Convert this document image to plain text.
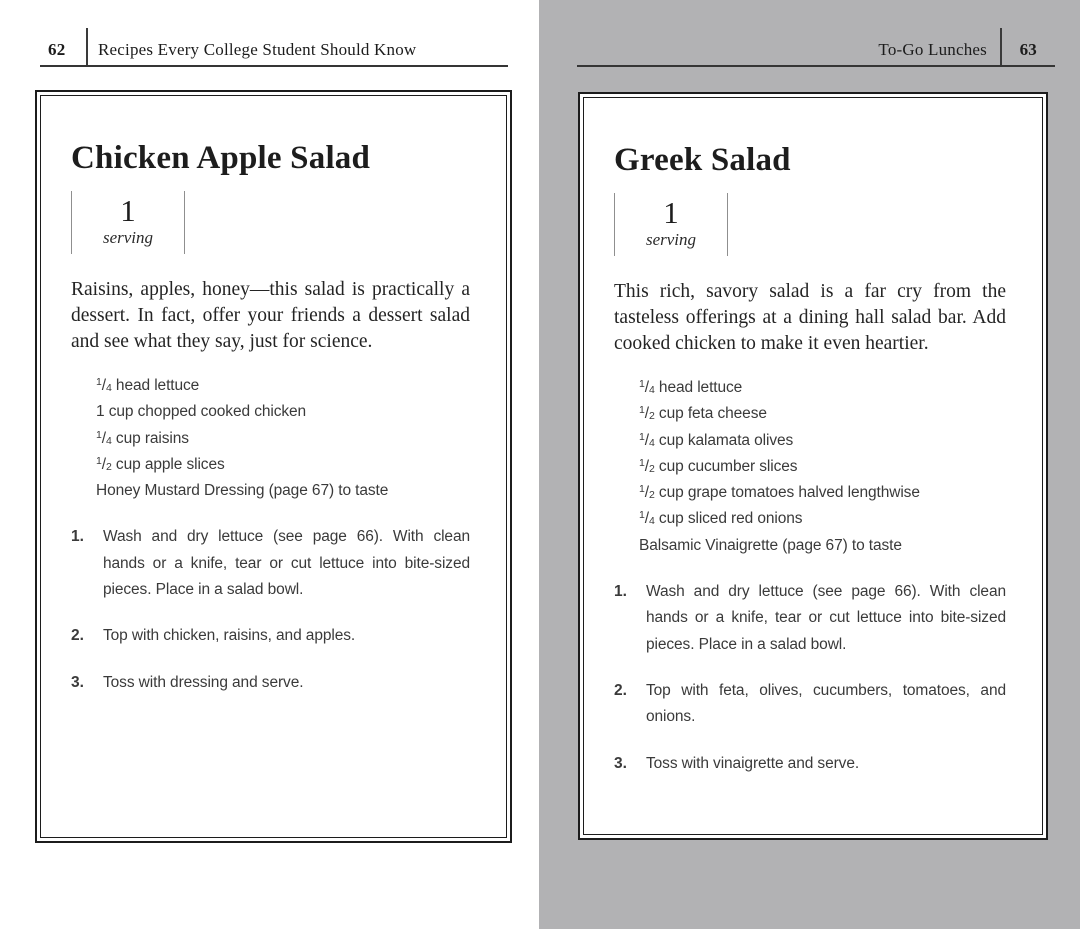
62 Recipes Every College Student Should Know
Chicken Apple Salad
1
serving

Raisins, apples, honey—this salad is practically a dessert. In fact, offer your friends a dessert salad and see what they say, just for science.

$^1/_4$ head lettuce
1 cup chopped cooked chicken
$^1/_4$ cup raisins
$^1/_2$ cup apple slices
Honey Mustard Dressing (page 67) to taste
1.	Wash and dry lettuce (see page 66). With clean hands or a knife, tear or cut lettuce into bite-sized pieces. Place in a salad bowl.
2.	Top with chicken, raisins, and apples.
3.	Toss with dressing and serve.
To-Go Lunches 63
Greek Salad
1
serving

This rich, savory salad is a far cry from the tasteless offerings at a dining hall salad bar. Add cooked chicken to make it even heartier.

$^1/_4$ head lettuce
$^1/_2$ cup feta cheese
$^1/_4$ cup kalamata olives
$^1/_2$ cup cucumber slices
$^1/_2$ cup grape tomatoes halved lengthwise
$^1/_4$ cup sliced red onions
Balsamic Vinaigrette (page 67) to taste
1.	Wash and dry lettuce (see page 66). With clean hands or a knife, tear or cut lettuce into bite-sized pieces. Place in a salad bowl.
2.	Top with feta, olives, cucumbers, tomatoes, and onions.
3.	Toss with vinaigrette and serve.
